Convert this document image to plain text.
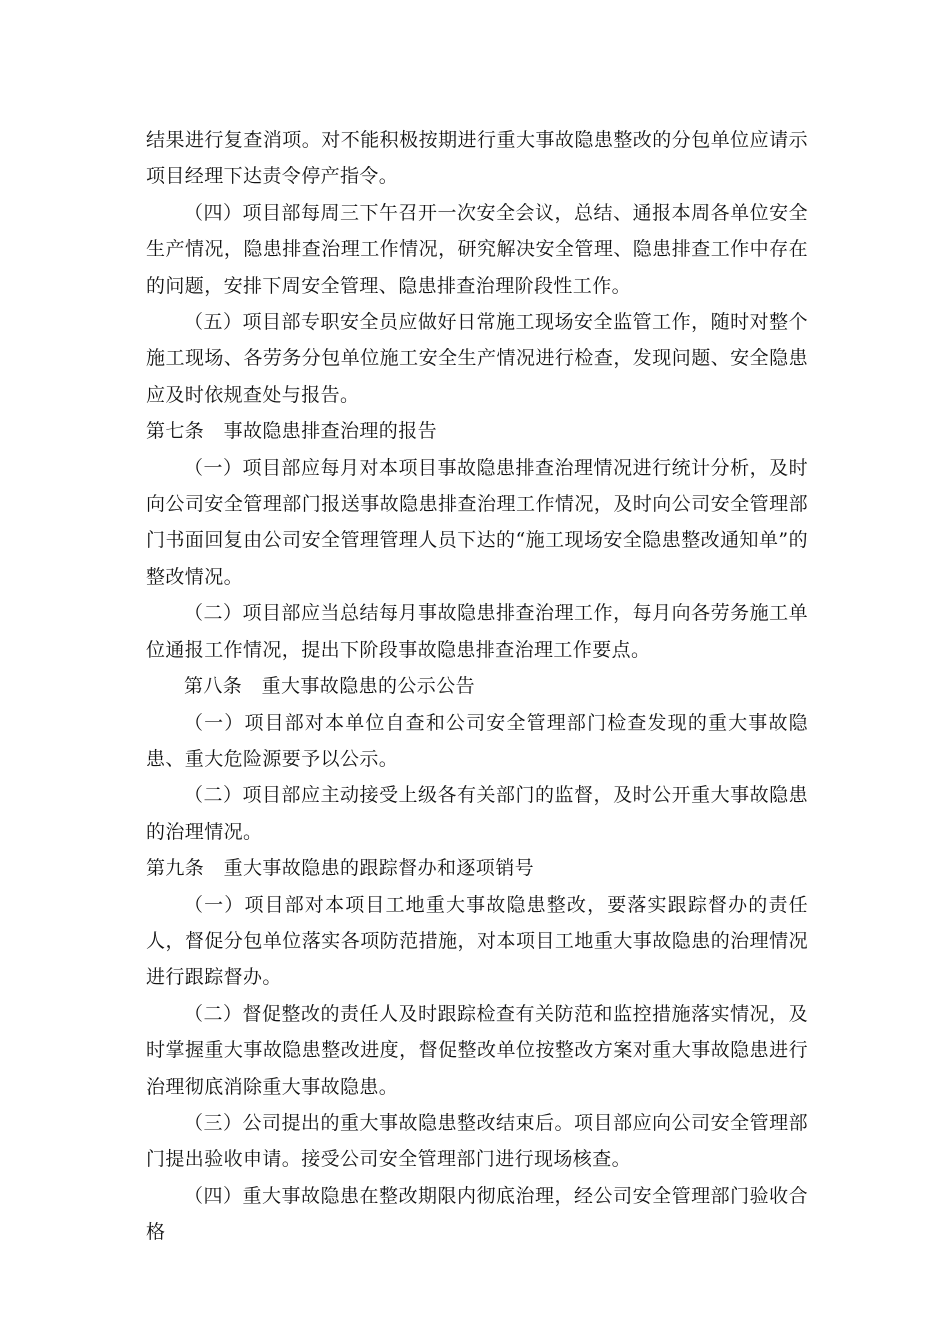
结果进行复查消项。对不能积极按期进行重大事故隐患整改的分包单位应请示项目经理下达责令停产指令。

（四）项目部每周三下午召开一次安全会议，总结、通报本周各单位安全生产情况，隐患排查治理工作情况，研究解决安全管理、隐患排查工作中存在的问题，安排下周安全管理、隐患排查治理阶段性工作。

（五）项目部专职安全员应做好日常施工现场安全监管工作，随时对整个施工现场、各劳务分包单位施工安全生产情况进行检查，发现问题、安全隐患应及时依规查处与报告。

第七条　事故隐患排查治理的报告

（一）项目部应每月对本项目事故隐患排查治理情况进行统计分析，及时向公司安全管理部门报送事故隐患排查治理工作情况，及时向公司安全管理部门书面回复由公司安全管理管理人员下达的“施工现场安全隐患整改通知单”的整改情况。

（二）项目部应当总结每月事故隐患排查治理工作，每月向各劳务施工单位通报工作情况，提出下阶段事故隐患排查治理工作要点。

第八条　重大事故隐患的公示公告

（一）项目部对本单位自查和公司安全管理部门检查发现的重大事故隐患、重大危险源要予以公示。

（二）项目部应主动接受上级各有关部门的监督，及时公开重大事故隐患的治理情况。

第九条　重大事故隐患的跟踪督办和逐项销号

（一）项目部对本项目工地重大事故隐患整改，要落实跟踪督办的责任人，督促分包单位落实各项防范措施，对本项目工地重大事故隐患的治理情况进行跟踪督办。

（二）督促整改的责任人及时跟踪检查有关防范和监控措施落实情况，及时掌握重大事故隐患整改进度，督促整改单位按整改方案对重大事故隐患进行治理彻底消除重大事故隐患。

（三）公司提出的重大事故隐患整改结束后。项目部应向公司安全管理部门提出验收申请。接受公司安全管理部门进行现场核查。

（四）重大事故隐患在整改期限内彻底治理，经公司安全管理部门验收合格
